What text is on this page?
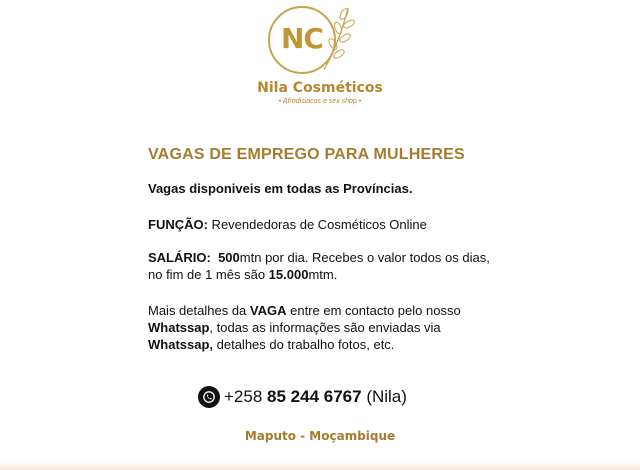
NC
Nila Cosméticos
• Afrodisiacos e sex shop •
VAGAS DE EMPREGO PARA MULHERES
Vagas disponiveis em todas as Províncias.
FUNÇÃO: Revendedoras de Cosméticos Online
SALÁRIO: 500mtn por dia. Recebes o valor todos os dias,
no fim de 1 mês são 15.000mtm.
Mais detalhes da VAGA entre em contacto pelo nosso
Whatssap, todas as informações são enviadas via
Whatssap, detalhes do trabalho fotos, etc.
+258
85 244 6767
(Nila)
Maputo - Moçambique
